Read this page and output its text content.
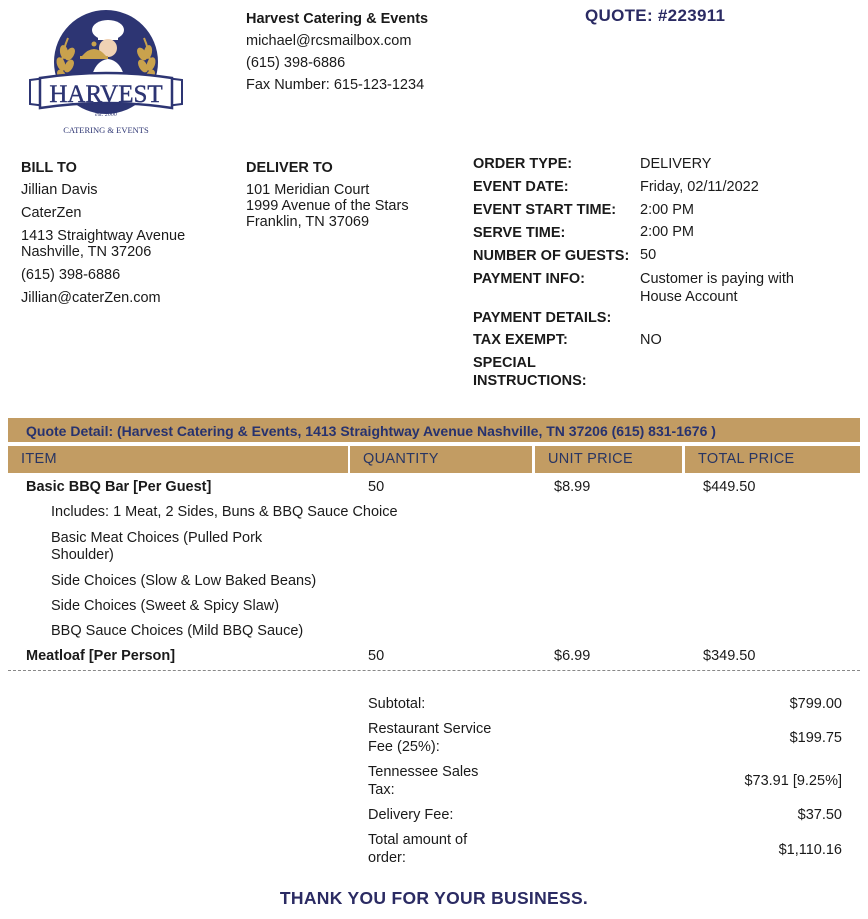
HARVEST
est. 2000
CATERING & EVENTS
Harvest Catering & Events
michael@rcsmailbox.com
(615) 398-6886
Fax Number: 615-123-1234
QUOTE: #223911
BILL TO
Jillian Davis
CaterZen
1413 Straightway Avenue
Nashville, TN 37206
(615) 398-6886
Jillian@caterZen.com
DELIVER TO
101 Meridian Court
1999 Avenue of the Stars
Franklin, TN 37069
ORDER TYPE:	DELIVERY
EVENT DATE:	Friday, 02/11/2022
EVENT START TIME:	2:00 PM
SERVE TIME:	2:00 PM
NUMBER OF GUESTS: 50
PAYMENT INFO:	Customer is paying with
House Account
PAYMENT DETAILS:
TAX EXEMPT:	NO
SPECIAL
INSTRUCTIONS:
Quote Detail: (Harvest Catering & Events, 1413 Straightway Avenue Nashville, TN 37206 (615) 831-1676 )
ITEM	QUANTITY	UNIT PRICE	TOTAL PRICE
Basic BBQ Bar [Per Guest]	50	$8.99	$449.50
Includes: 1 Meat, 2 Sides, Buns & BBQ Sauce Choice
Basic Meat Choices (Pulled Pork
Shoulder)
Side Choices (Slow & Low Baked Beans)
Side Choices (Sweet & Spicy Slaw)
BBQ Sauce Choices (Mild BBQ Sauce)
Meatloaf [Per Person]	50	$6.99	$349.50
Subtotal:	$799.00
Restaurant Service
Fee (25%):
$199.75
Tennessee Sales
Tax:
$73.91 [9.25%]
Delivery Fee:	$37.50
Total amount of
order:	$1,110.16
THANK YOU FOR YOUR BUSINESS.
